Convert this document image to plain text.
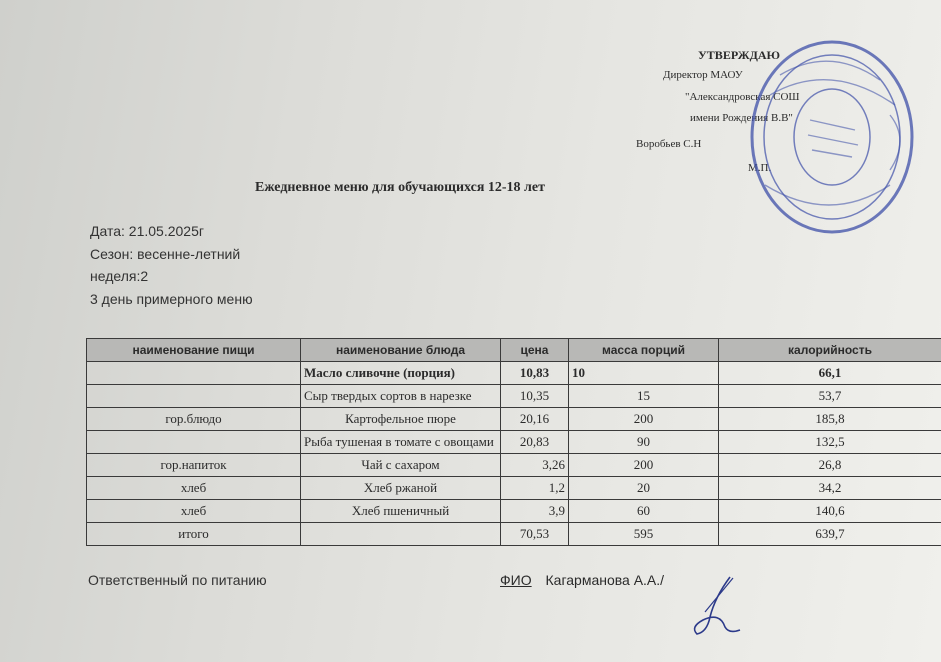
УТВЕРЖДАЮ
Директор МАОУ
"Александровская СОШ
имени Рождения В.В"
Воробьев С.Н
М.П.
Ежедневное меню для обучающихся 12-18 лет
Дата: 21.05.2025г
Сезон: весенне-летний
неделя:2
3 день примерного меню
наименование пищи	наименование блюда	цена	масса порций	калорийность
	Масло сливочне (порция)	10,83	10	66,1
	Сыр твердых сортов в нарезке	10,35	15	53,7
гор.блюдо	Картофельное пюре	20,16	200	185,8
	Рыба тушеная в томате с овощами	20,83	90	132,5
гор.напиток	Чай с сахаром	3,26	200	26,8
хлеб	Хлеб ржаной	1,2	20	34,2
хлеб	Хлеб пшеничный	3,9	60	140,6
итого		70,53	595	639,7
Ответственный по питанию	ФИО Кагарманова А.А./
